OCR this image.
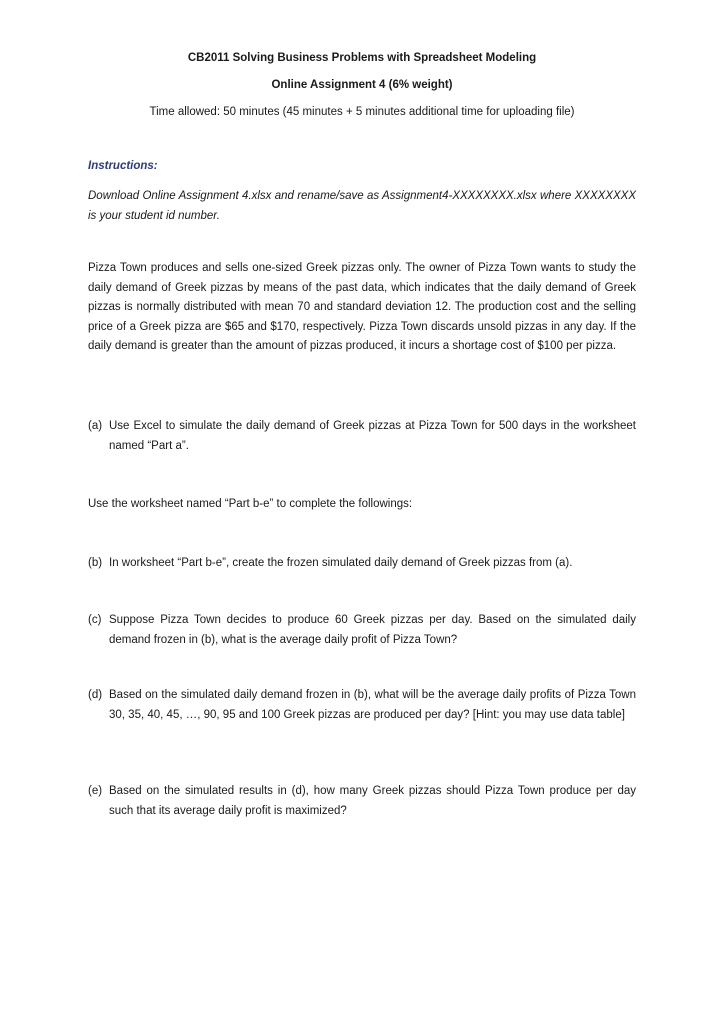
CB2011 Solving Business Problems with Spreadsheet Modeling
Online Assignment 4 (6% weight)
Time allowed: 50 minutes (45 minutes + 5 minutes additional time for uploading file)
Instructions:
Download Online Assignment 4.xlsx and rename/save as Assignment4-XXXXXXXX.xlsx where XXXXXXXX is your student id number.
Pizza Town produces and sells one-sized Greek pizzas only. The owner of Pizza Town wants to study the daily demand of Greek pizzas by means of the past data, which indicates that the daily demand of Greek pizzas is normally distributed with mean 70 and standard deviation 12. The production cost and the selling price of a Greek pizza are $65 and $170, respectively. Pizza Town discards unsold pizzas in any day. If the daily demand is greater than the amount of pizzas produced, it incurs a shortage cost of $100 per pizza.
(a) Use Excel to simulate the daily demand of Greek pizzas at Pizza Town for 500 days in the worksheet named “Part a”.
Use the worksheet named “Part b-e” to complete the followings:
(b) In worksheet “Part b-e”, create the frozen simulated daily demand of Greek pizzas from (a).
(c) Suppose Pizza Town decides to produce 60 Greek pizzas per day. Based on the simulated daily demand frozen in (b), what is the average daily profit of Pizza Town?
(d) Based on the simulated daily demand frozen in (b), what will be the average daily profits of Pizza Town 30, 35, 40, 45, …, 90, 95 and 100 Greek pizzas are produced per day? [Hint: you may use data table]
(e) Based on the simulated results in (d), how many Greek pizzas should Pizza Town produce per day such that its average daily profit is maximized?
